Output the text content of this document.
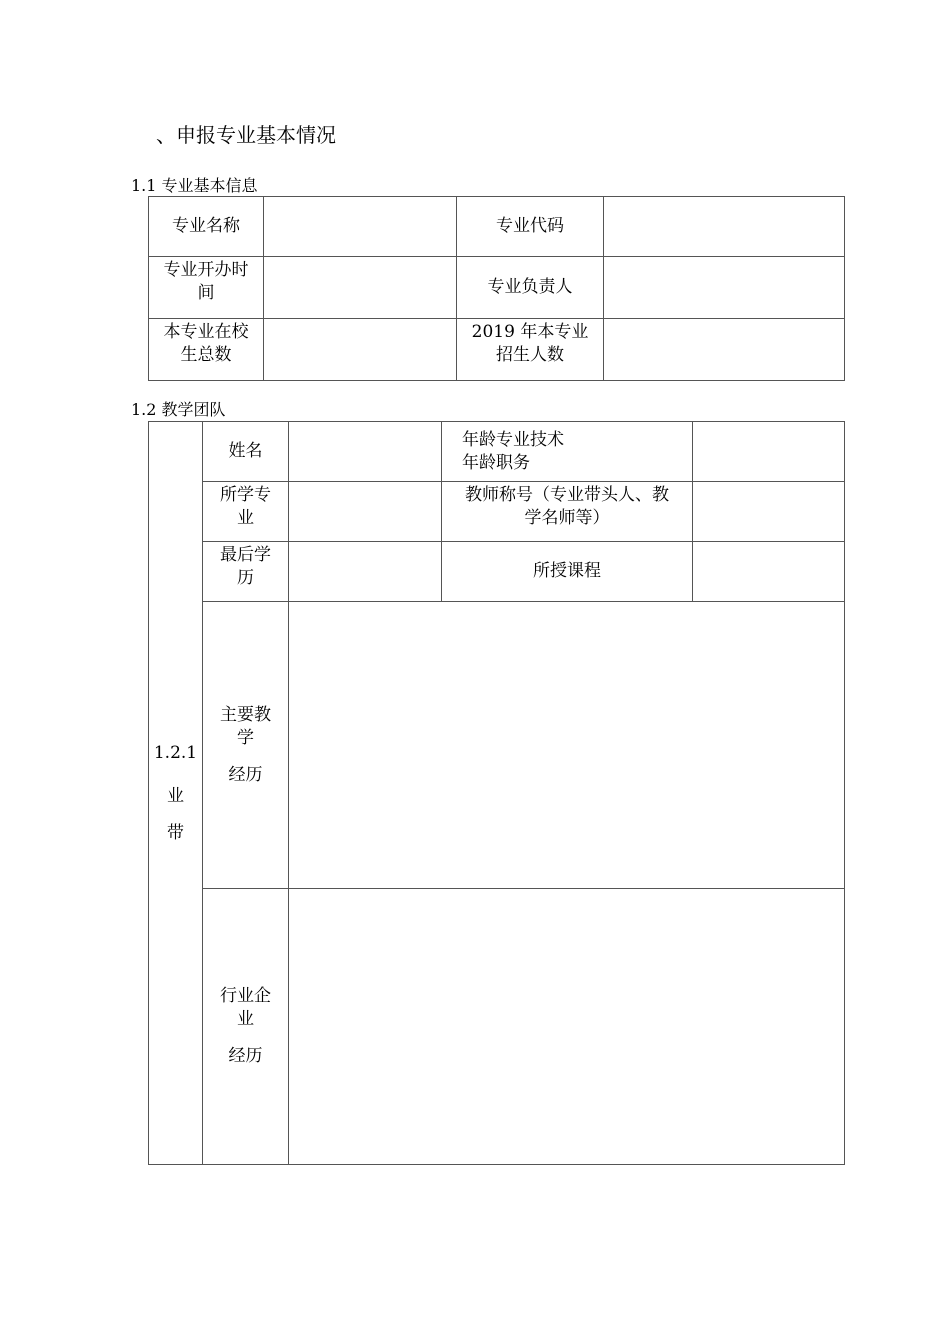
、申报专业基本情况
1.1 专业基本信息
专业名称		专业代码	

专业开办时
间		专业负责人	

本专业在校
生总数		2019 年本专业
招生人数	

1.2 教学团队
1.2.1
业
带	姓名		年龄专业技术
年龄职务	

	所学专
业		教师称号（专业带头人、教
学名师等）	

	最后学
历		所授课程	

	主要教
学
经历			

	行业企
业
经历			
